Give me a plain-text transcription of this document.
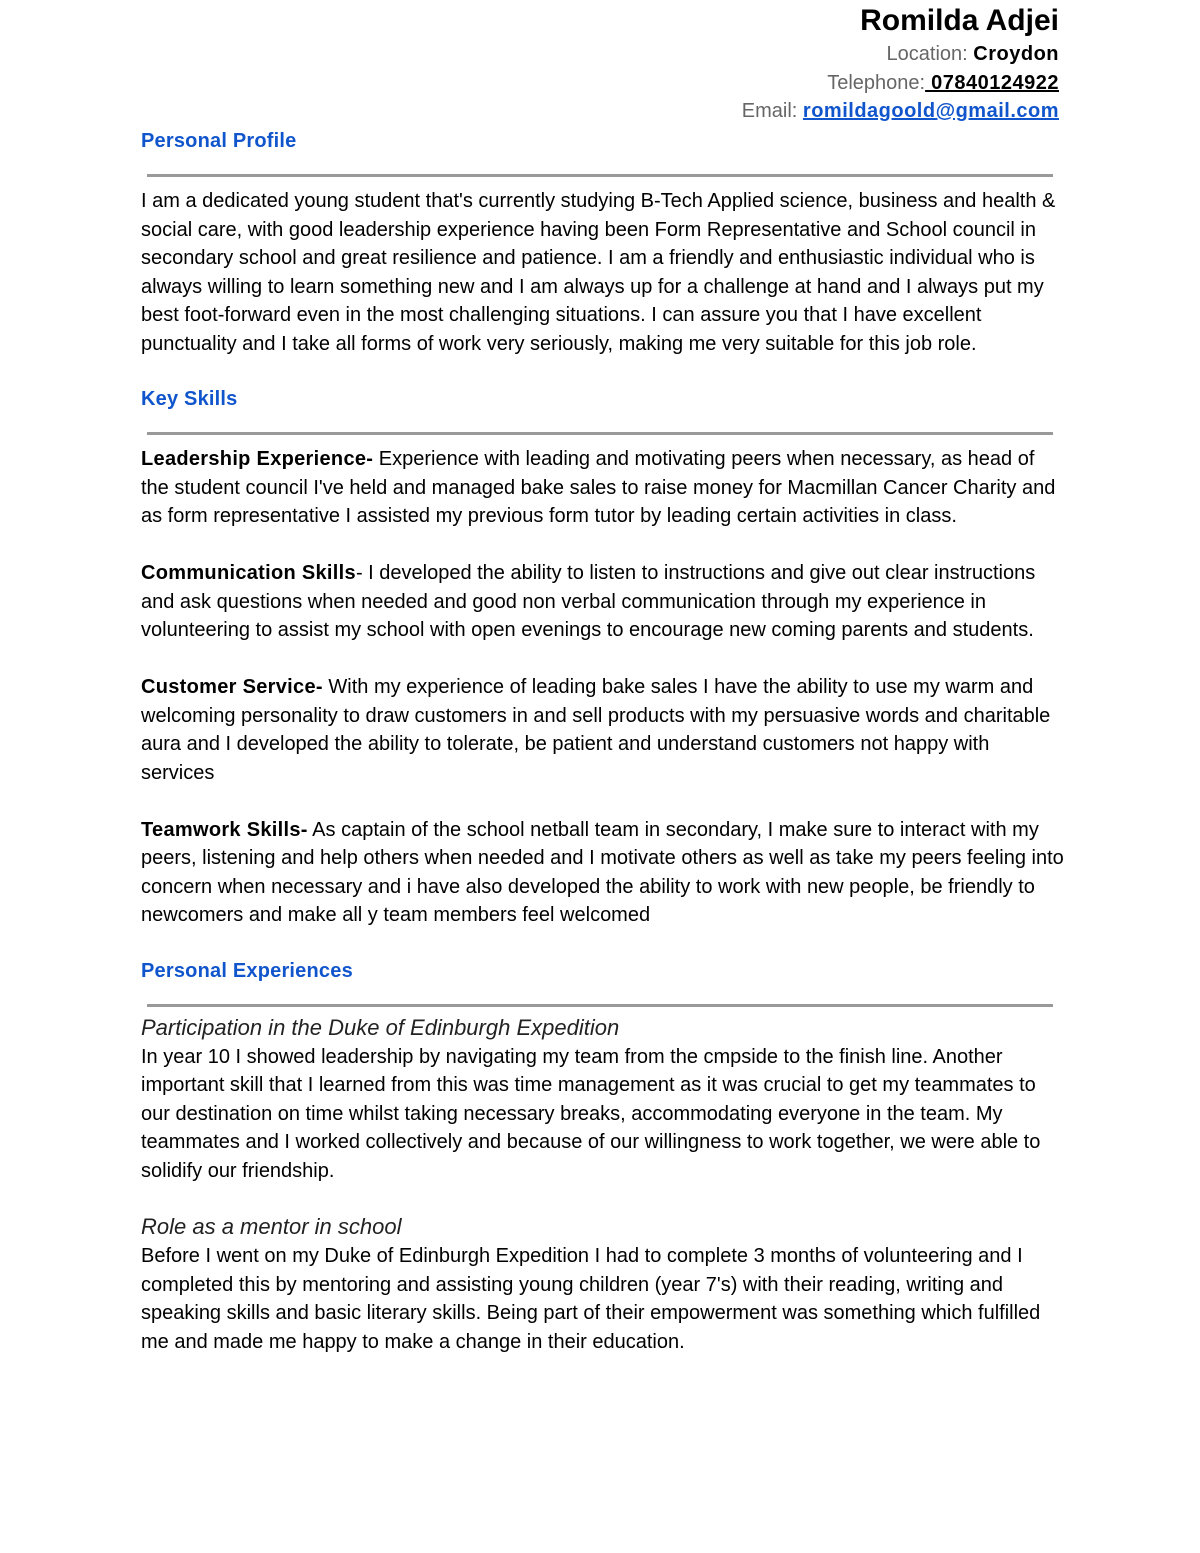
Romilda Adjei
Location: Croydon
Telephone: 07840124922
Email: romildagoold@gmail.com
Personal Profile

I am a dedicated young student that's currently studying B-Tech Applied science, business and health & social care, with good leadership experience having been Form Representative and School council in secondary school and great resilience and patience. I am a friendly and enthusiastic individual who is always willing to learn something new and I am always up for a challenge at hand and I always put my best foot-forward even in the most challenging situations. I can assure you that I have excellent punctuality and I take all forms of work very seriously, making me very suitable for this job role.

Key Skills

Leadership Experience- Experience with leading and motivating peers when necessary, as head of the student council I've held and managed bake sales to raise money for Macmillan Cancer Charity and as form representative I assisted my previous form tutor by leading certain activities in class.

Communication Skills- I developed the ability to listen to instructions and give out clear instructions and ask questions when needed and good non verbal communication through my experience in volunteering to assist my school with open evenings to encourage new coming parents and students.

Customer Service- With my experience of leading bake sales I have the ability to use my warm and welcoming personality to draw customers in and sell products with my persuasive words and charitable aura and I developed the ability to tolerate, be patient and understand customers not happy with services

Teamwork Skills- As captain of the school netball team in secondary, I make sure to interact with my peers, listening and help others when needed and I motivate others as well as take my peers feeling into concern when necessary and i have also developed the ability to work with new people, be friendly to newcomers and make all y team members feel welcomed

Personal Experiences
Participation in the Duke of Edinburgh Expedition

In year 10 I showed leadership by navigating my team from the cmpside to the finish line. Another important skill that I learned from this was time management as it was crucial to get my teammates to our destination on time whilst taking necessary breaks, accommodating everyone in the team. My teammates and I worked collectively and because of our willingness to work together, we were able to solidify our friendship.

Role as a mentor in school

Before I went on my Duke of Edinburgh Expedition I had to complete 3 months of volunteering and I completed this by mentoring and assisting young children (year 7's) with their reading, writing and speaking skills and basic literary skills. Being part of their empowerment was something which fulfilled me and made me happy to make a change in their education.
